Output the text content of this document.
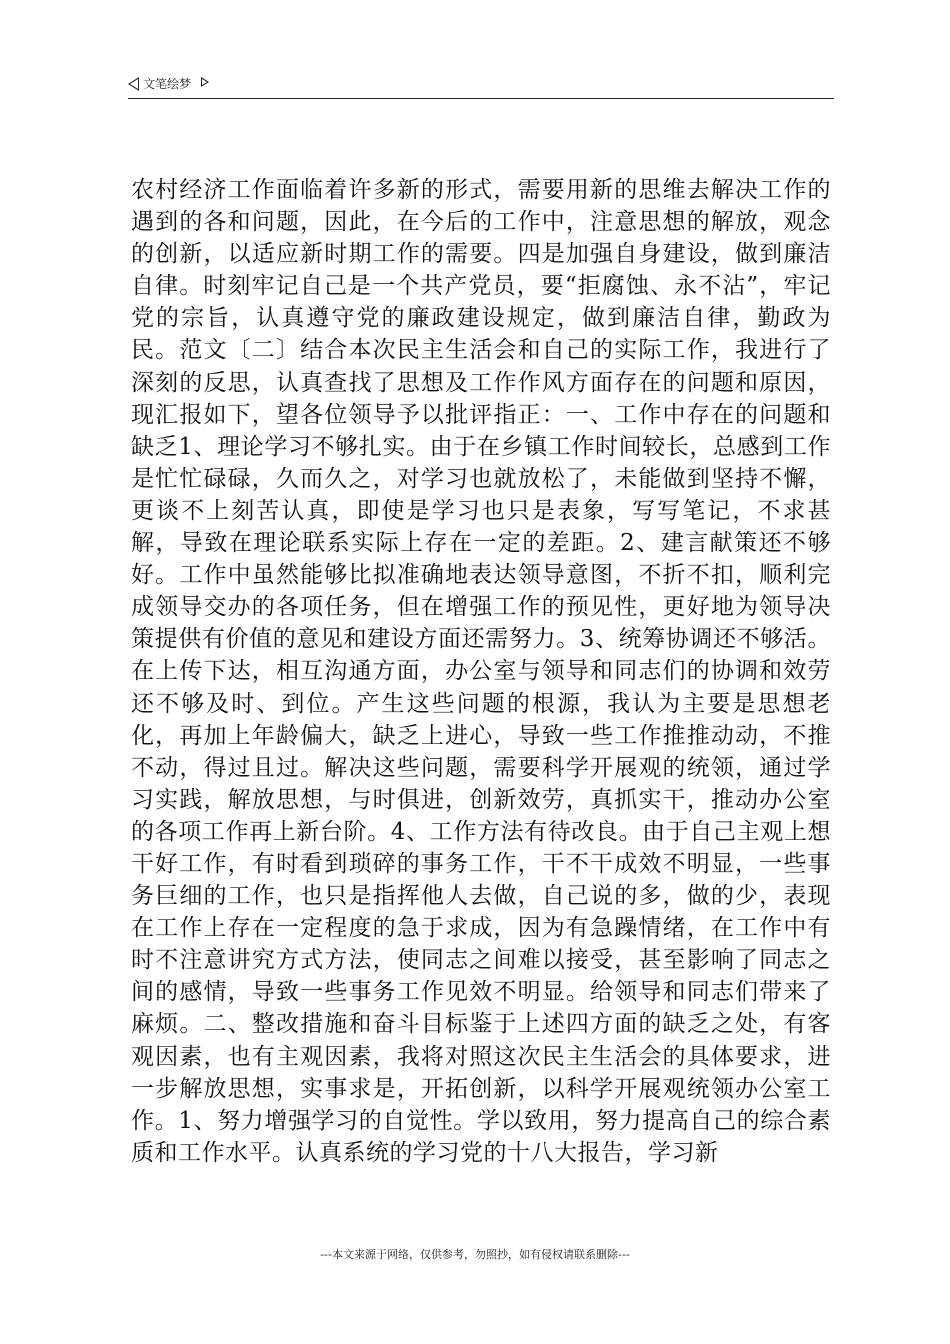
文笔绘梦

农村经济工作面临着许多新的形式，需要用新的思维去解决工作的遇到的各和问题，因此，在今后的工作中，注意思想的解放，观念的创新，以适应新时期工作的需要。四是加强自身建设，做到廉洁自律。时刻牢记自己是一个共产党员，要“拒腐蚀、永不沾”，牢记党的宗旨，认真遵守党的廉政建设规定，做到廉洁自律，勤政为民。范文〔二〕结合本次民主生活会和自己的实际工作，我进行了深刻的反思，认真查找了思想及工作作风方面存在的问题和原因，现汇报如下，望各位领导予以批评指正：一、工作中存在的问题和缺乏1、理论学习不够扎实。由于在乡镇工作时间较长，总感到工作是忙忙碌碌，久而久之，对学习也就放松了，未能做到坚持不懈，更谈不上刻苦认真，即使是学习也只是表象，写写笔记，不求甚解，导致在理论联系实际上存在一定的差距。2、建言献策还不够好。工作中虽然能够比拟准确地表达领导意图，不折不扣，顺利完成领导交办的各项任务，但在增强工作的预见性，更好地为领导决策提供有价值的意见和建设方面还需努力。3、统筹协调还不够活。在上传下达，相互沟通方面，办公室与领导和同志们的协调和效劳还不够及时、到位。产生这些问题的根源，我认为主要是思想老化，再加上年龄偏大，缺乏上进心，导致一些工作推推动动，不推不动，得过且过。解决这些问题，需要科学开展观的统领，通过学习实践，解放思想，与时俱进，创新效劳，真抓实干，推动办公室的各项工作再上新台阶。4、工作方法有待改良。由于自己主观上想干好工作，有时看到琐碎的事务工作，干不干成效不明显，一些事务巨细的工作，也只是指挥他人去做，自己说的多，做的少，表现在工作上存在一定程度的急于求成，因为有急躁情绪，在工作中有时不注意讲究方式方法，使同志之间难以接受，甚至影响了同志之间的感情，导致一些事务工作见效不明显。给领导和同志们带来了麻烦。二、整改措施和奋斗目标鉴于上述四方面的缺乏之处，有客观因素，也有主观因素，我将对照这次民主生活会的具体要求，进一步解放思想，实事求是，开拓创新，以科学开展观统领办公室工作。1、努力增强学习的自觉性。学以致用，努力提高自己的综合素质和工作水平。认真系统的学习党的十八大报告，学习新

---本文来源于网络，仅供参考，勿照抄，如有侵权请联系删除---
